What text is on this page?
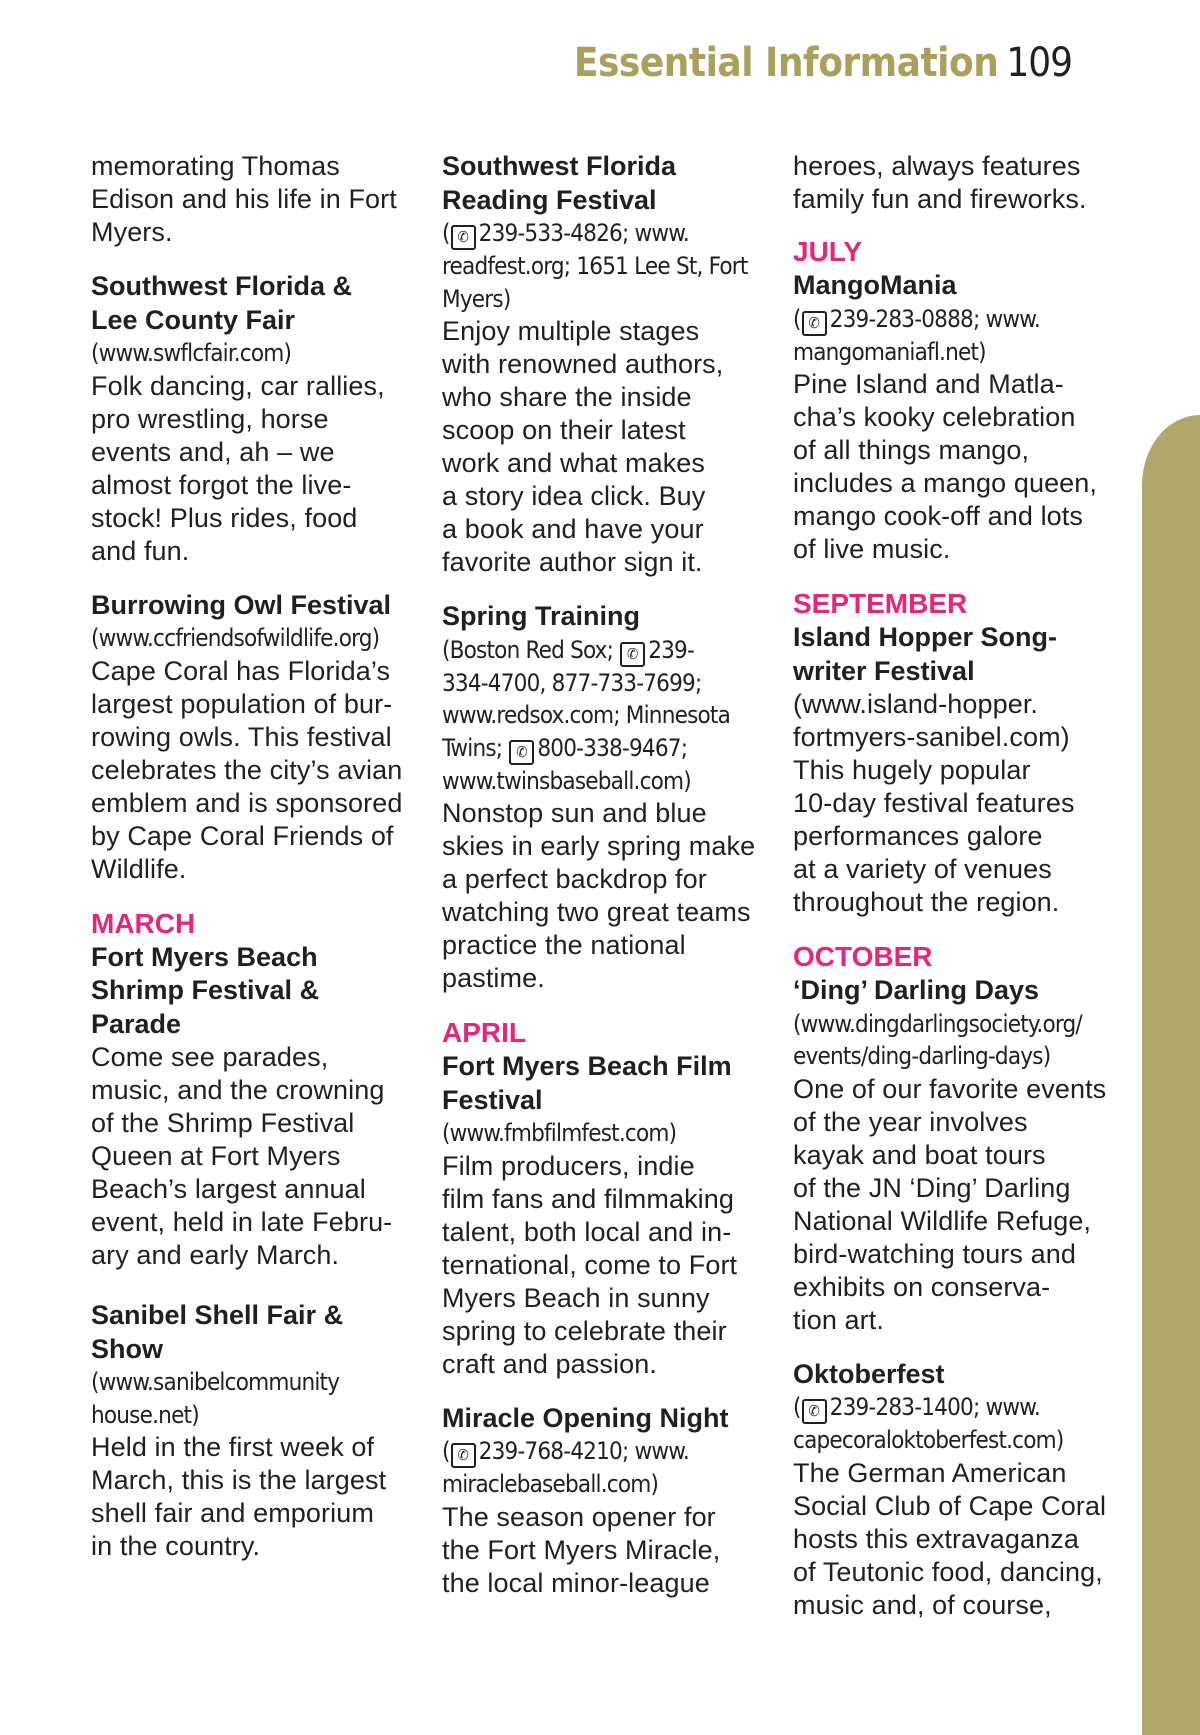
Essential Information 109

memorating Thomas
Edison and his life in Fort
Myers.

Southwest Florida &
Lee County Fair

(www.swflcfair.com)

Folk dancing, car rallies,
pro wrestling, horse
events and, ah – we
almost forgot the live-
stock! Plus rides, food
and fun.

Burrowing Owl Festival

(www.ccfriendsofwildlife.org)

Cape Coral has Florida’s
largest population of bur-
rowing owls. This festival
celebrates the city’s avian
emblem and is sponsored
by Cape Coral Friends of
Wildlife.

MARCH

Fort Myers Beach
Shrimp Festival &
Parade

Come see parades,
music, and the crowning
of the Shrimp Festival
Queen at Fort Myers
Beach’s largest annual
event, held in late Febru-
ary and early March.

Sanibel Shell Fair &
Show

(www.sanibelcommunity
house.net)

Held in the first week of
March, this is the largest
shell fair and emporium
in the country.

Southwest Florida
Reading Festival

( ✆ 239-533-4826; www.
readfest.org; 1651 Lee St, Fort
Myers)

Enjoy multiple stages
with renowned authors,
who share the inside
scoop on their latest
work and what makes
a story idea click. Buy
a book and have your
favorite author sign it.

Spring Training

(Boston Red Sox; ✆ 239-
334-4700, 877-733-7699;
www.redsox.com; Minnesota
Twins; ✆ 800-338-9467;
www.twinsbaseball.com)

Nonstop sun and blue
skies in early spring make
a perfect backdrop for
watching two great teams
practice the national
pastime.

APRIL

Fort Myers Beach Film
Festival

(www.fmbfilmfest.com)

Film producers, indie
film fans and filmmaking
talent, both local and in-
ternational, come to Fort
Myers Beach in sunny
spring to celebrate their
craft and passion.

Miracle Opening Night

( ✆ 239-768-4210; www.
miraclebaseball.com)

The season opener for
the Fort Myers Miracle,
the local minor-league

heroes, always features
family fun and fireworks.

JULY

MangoMania

( ✆ 239-283-0888; www.
mangomaniafl.net)

Pine Island and Matla-
cha’s kooky celebration
of all things mango,
includes a mango queen,
mango cook-off and lots
of live music.

SEPTEMBER

Island Hopper Song-
writer Festival

(www.island-hopper.
fortmyers-sanibel.com)
This hugely popular
10-day festival features
performances galore
at a variety of venues
throughout the region.

OCTOBER

‘Ding’ Darling Days

(www.dingdarlingsociety.org/
events/ding-darling-days)

One of our favorite events
of the year involves
kayak and boat tours
of the JN ‘Ding’ Darling
National Wildlife Refuge,
bird-watching tours and
exhibits on conserva-
tion art.

Oktoberfest

( ✆ 239-283-1400; www.
capecoraloktoberfest.com)

The German American
Social Club of Cape Coral
hosts this extravaganza
of Teutonic food, dancing,
music and, of course,
